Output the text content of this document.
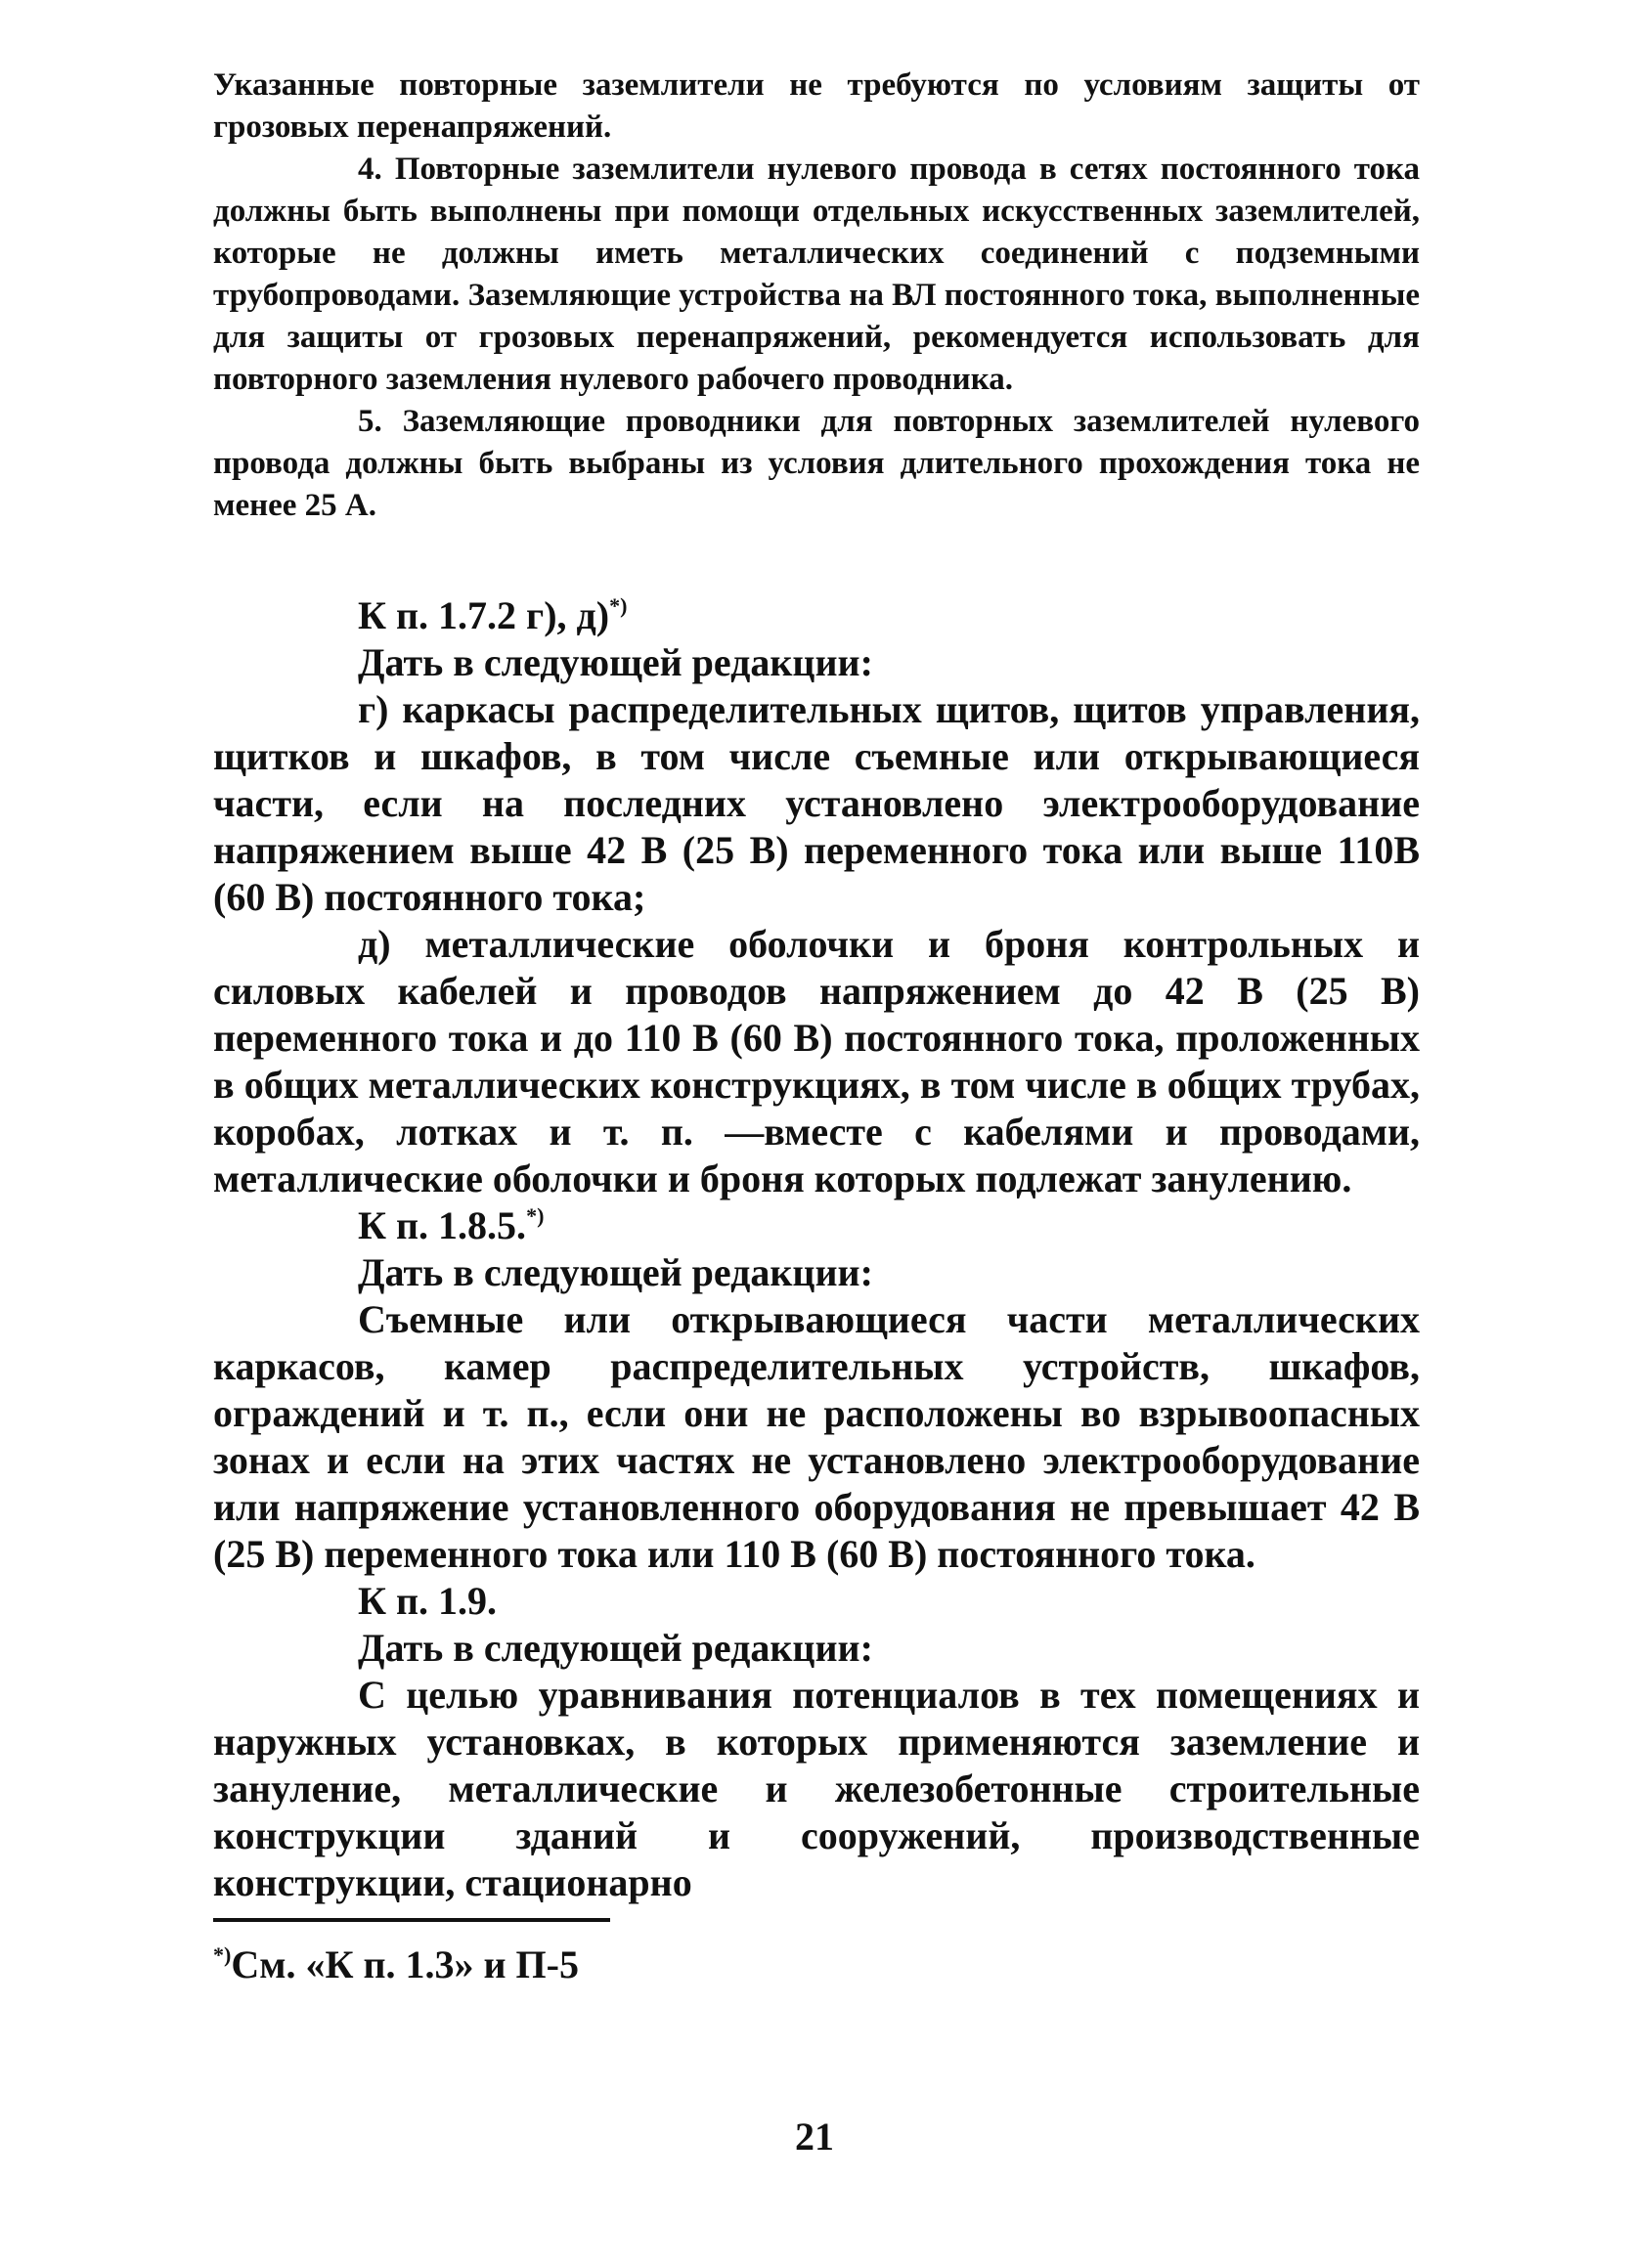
Указанные повторные заземлители не требуются по условиям защиты от грозовых перенапряжений.

4. Повторные заземлители нулевого провода в сетях постоянного тока должны быть выполнены при помощи отдельных искусственных заземлителей, которые не должны иметь металлических соединений с подземными трубопроводами. Заземляющие устройства на ВЛ постоянного тока, выполненные для защиты от грозовых перенапряжений, рекомендуется использовать для повторного заземления нулевого рабочего проводника.

5. Заземляющие проводники для повторных заземлителей нулевого провода должны быть выбраны из условия длительного прохождения тока не менее 25 А.

К п. 1.7.2 г), д)*)

Дать в следующей редакции:

г) каркасы распределительных щитов, щитов управления, щитков и шкафов, в том числе съемные или открывающиеся части, если на последних установлено электрооборудование напряжением выше 42 В (25 В) переменного тока или выше 110В (60 В) постоянного тока;

д) металлические оболочки и броня контрольных и силовых кабелей и проводов напряжением до 42 В (25 В) переменного тока и до 110 В (60 В) постоянного тока, проложенных в общих металлических конструкциях, в том числе в общих трубах, коробах, лотках и т. п. —вместе с кабелями и проводами, металлические оболочки и броня которых подлежат занулению.

К п. 1.8.5.*)

Дать в следующей редакции:

Съемные или открывающиеся части металлических каркасов, камер распределительных устройств, шкафов, ограждений и т. п., если они не расположены во взрывоопасных зонах и если на этих частях не установлено электрооборудование или напряжение установленного оборудования не превышает 42 В (25 В) переменного тока или 110 В (60 В) постоянного тока.

К п. 1.9.

Дать в следующей редакции:

С целью уравнивания потенциалов в тех помещениях и наружных установках, в которых применяются заземление и зануление, металлические и железобетонные строительные конструкции зданий и сооружений, производственные конструкции, стационарно

*)См. «К п. 1.3» и П-5

21
